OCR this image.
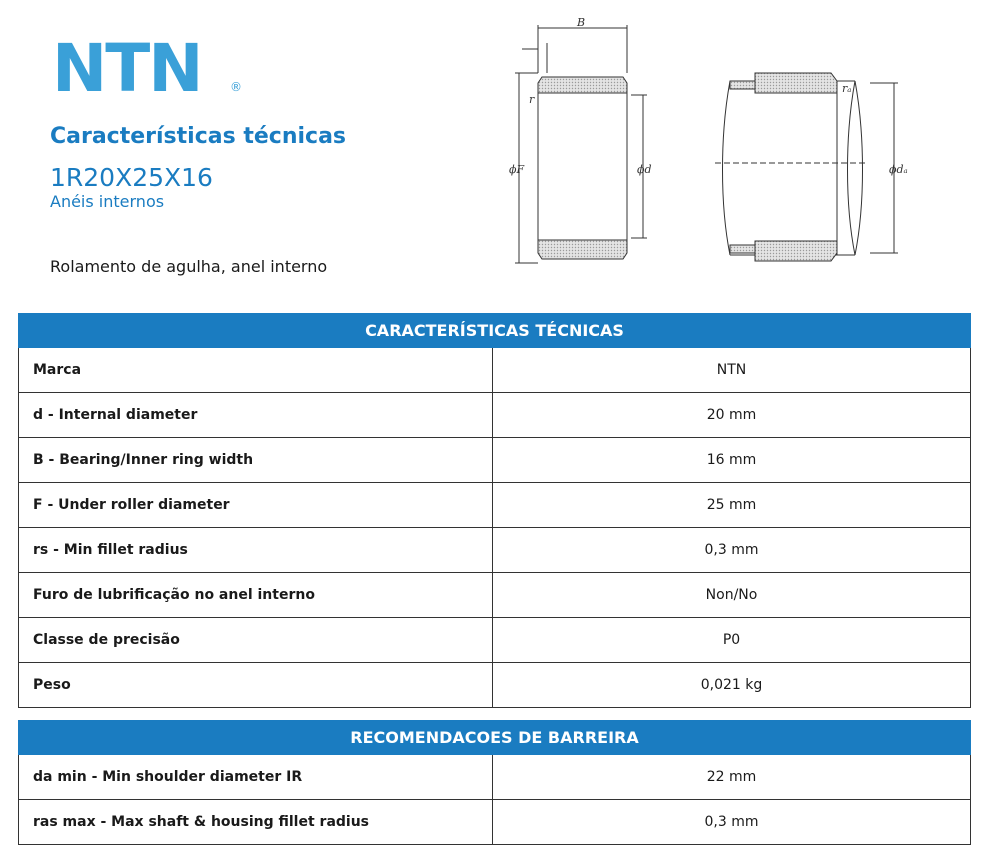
NTN	®
Características técnicas
1R20X25X16
Anéis internos
Rolamento de agulha, anel interno
B
r
ϕF	ϕd
rₐ
ϕdₐ
CARACTERÍSTICAS TÉCNICAS	
Marca	NTN
d - Internal diameter	20 mm
B - Bearing/Inner ring width	16 mm
F - Under roller diameter	25 mm
rs - Min fillet radius	0,3 mm
Furo de lubrificação no anel interno	Non/No
Classe de precisão	P0
Peso	0,021 kg
RECOMENDACOES DE BARREIRA	
da min - Min shoulder diameter IR	22 mm
ras max - Max shaft & housing fillet radius	0,3 mm
